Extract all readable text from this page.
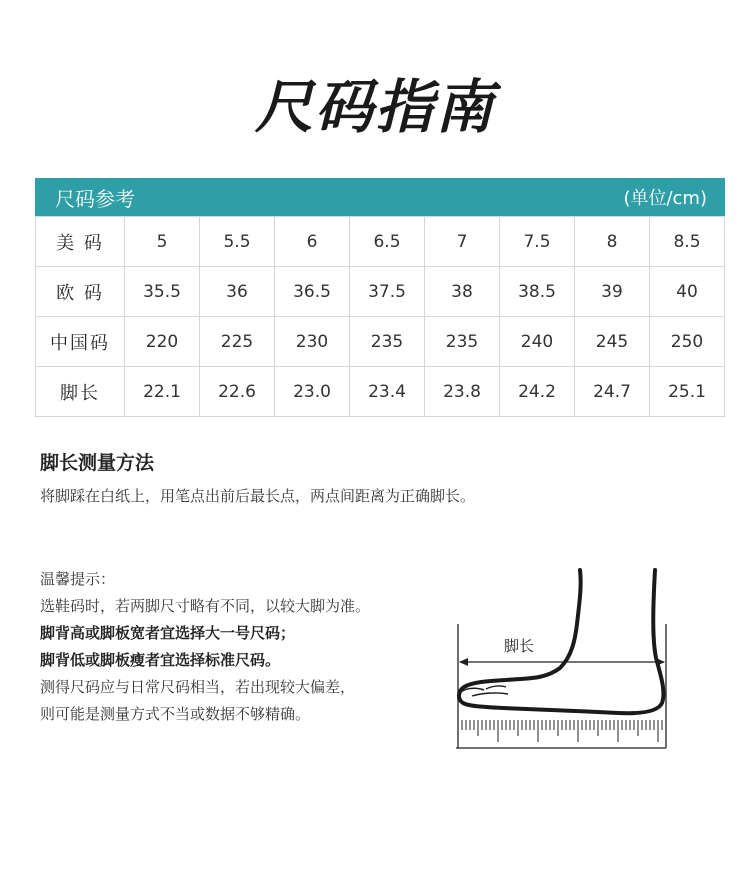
尺码指南
尺码参考	(单位/cm)
美 码	5	5.5	6	6.5	7	7.5	8	8.5
欧 码	35.5	36	36.5	37.5	38	38.5	39	40
中国码	220	225	230	235	235	240	245	250
脚长	22.1	22.6	23.0	23.4	23.8	24.2	24.7	25.1
脚长测量方法
将脚踩在白纸上，用笔点出前后最长点，两点间距离为正确脚长。
温馨提示：
选鞋码时，若两脚尺寸略有不同，以较大脚为准。
脚背高或脚板宽者宜选择大一号尺码；
脚背低或脚板瘦者宜选择标准尺码。
测得尺码应与日常尺码相当，若出现较大偏差，
则可能是测量方式不当或数据不够精确。
脚长
